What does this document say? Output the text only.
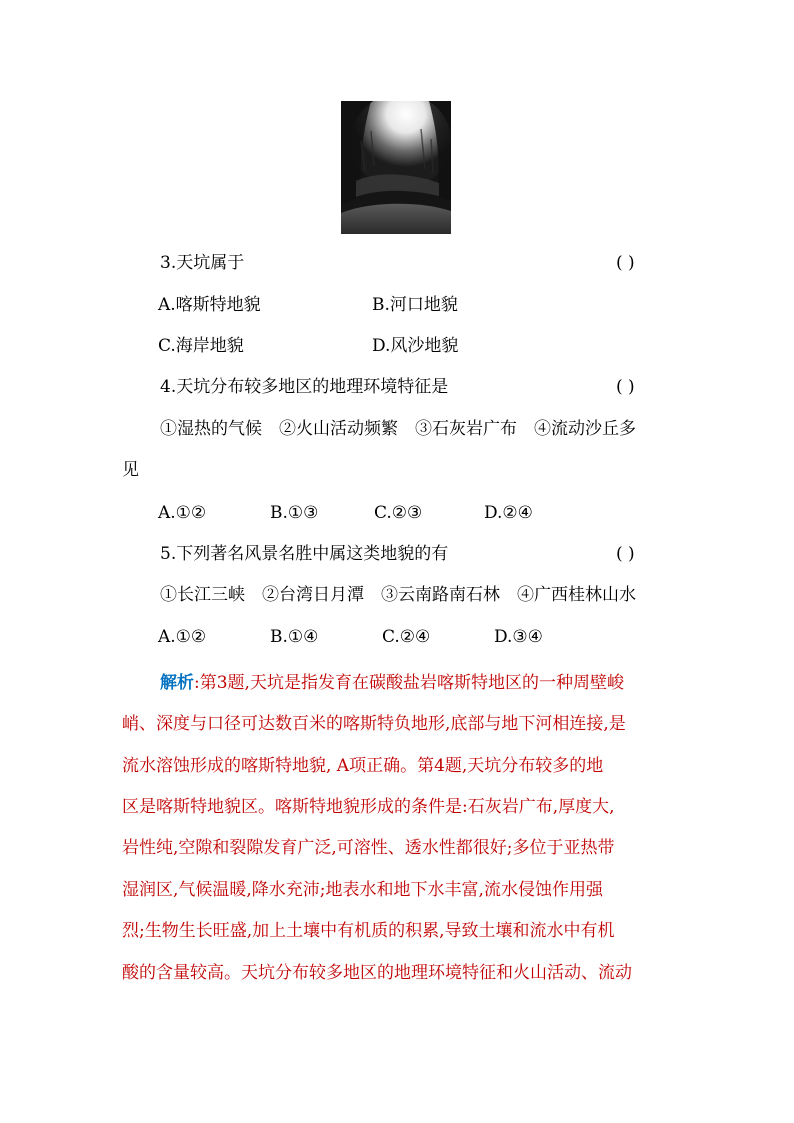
3.天坑属于	( )
A.喀斯特地貌	B.河口地貌
C.海岸地貌	D.风沙地貌
4.天坑分布较多地区的地理环境特征是	( )
①湿热的气候　②火山活动频繁　③石灰岩广布　④流动沙丘多
见
A.①②	B.①③	C.②③	D.②④
5.下列著名风景名胜中属这类地貌的有	( )
①长江三峡　②台湾日月潭　③云南路南石林　④广西桂林山水
A.①②	B.①④	C.②④	D.③④
解析:第3题,天坑是指发育在碳酸盐岩喀斯特地区的一种周壁峻
峭、深度与口径可达数百米的喀斯特负地形,底部与地下河相连接,是
流水溶蚀形成的喀斯特地貌, A项正确。第4题,天坑分布较多的地
区是喀斯特地貌区。喀斯特地貌形成的条件是:石灰岩广布,厚度大,
岩性纯,空隙和裂隙发育广泛,可溶性、透水性都很好;多位于亚热带
湿润区,气候温暖,降水充沛;地表水和地下水丰富,流水侵蚀作用强
烈;生物生长旺盛,加上土壤中有机质的积累,导致土壤和流水中有机
酸的含量较高。天坑分布较多地区的地理环境特征和火山活动、流动
